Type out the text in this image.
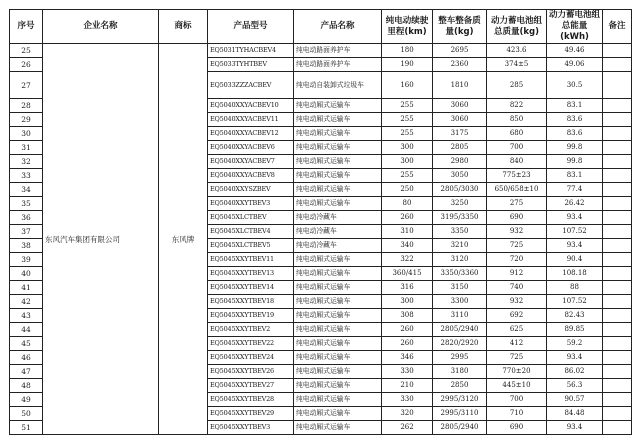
序号	企业名称	商标	产品型号	产品名称	纯电动续驶里程(km)	整车整备质量(kg)	动力蓄电池组总质量(kg)	动力蓄电池组总能量(kWh)	备注
25	东风汽车集团有限公司	东风牌	EQ5031TYHACBEV4	纯电动路面养护车	180	2695	423.6	49.46	
26			EQ5033TYHTBEV	纯电动路面养护车	190	2360	374±5	49.06	
27			EQ5033ZZZACBEV	纯电动自装卸式垃圾车	160	1810	285	30.5	
28			EQ5040XXYACBEV10	纯电动厢式运输车	255	3060	822	83.1	
29			EQ5040XXYACBEV11	纯电动厢式运输车	255	3060	850	83.6	
30			EQ5040XXYACBEV12	纯电动厢式运输车	255	3175	680	83.6	
31			EQ5040XXYACBEV6	纯电动厢式运输车	300	2805	700	99.8	
32			EQ5040XXYACBEV7	纯电动厢式运输车	300	2980	840	99.8	
33			EQ5040XXYACBEV8	纯电动厢式运输车	255	3050	775±23	83.1	
34			EQ5040XXYSZBEV	纯电动厢式运输车	250	2805/3030	650/658±10	77.4	
35			EQ5040XXYTBEV3	纯电动厢式运输车	80	3250	275	26.42	
36			EQ5045XLCTBEV	纯电动冷藏车	260	3195/3350	690	93.4	
37			EQ5045XLCTBEV4	纯电动冷藏车	310	3350	932	107.52	
38			EQ5045XLCTBEV5	纯电动冷藏车	340	3210	725	93.4	
39			EQ5045XXYTBEV11	纯电动厢式运输车	322	3120	720	90.4	
40			EQ5045XXYTBEV13	纯电动厢式运输车	360/415	3350/3360	912	108.18	
41			EQ5045XXYTBEV14	纯电动厢式运输车	316	3150	740	88	
42			EQ5045XXYTBEV18	纯电动厢式运输车	300	3300	932	107.52	
43			EQ5045XXYTBEV19	纯电动厢式运输车	308	3110	692	82.43	
44			EQ5045XXYTBEV2	纯电动厢式运输车	260	2805/2940	625	89.85	
45			EQ5045XXYTBEV22	纯电动厢式运输车	260	2820/2920	412	59.2	
46			EQ5045XXYTBEV24	纯电动厢式运输车	346	2995	725	93.4	
47			EQ5045XXYTBEV26	纯电动厢式运输车	330	3180	770±20	86.02	
48			EQ5045XXYTBEV27	纯电动厢式运输车	210	2850	445±10	56.3	
49			EQ5045XXYTBEV28	纯电动厢式运输车	330	2995/3120	700	90.57	
50			EQ5045XXYTBEV29	纯电动厢式运输车	320	2995/3110	710	84.48	
51			EQ5045XXYTBEV3	纯电动厢式运输车	262	2805/2940	690	93.4	
